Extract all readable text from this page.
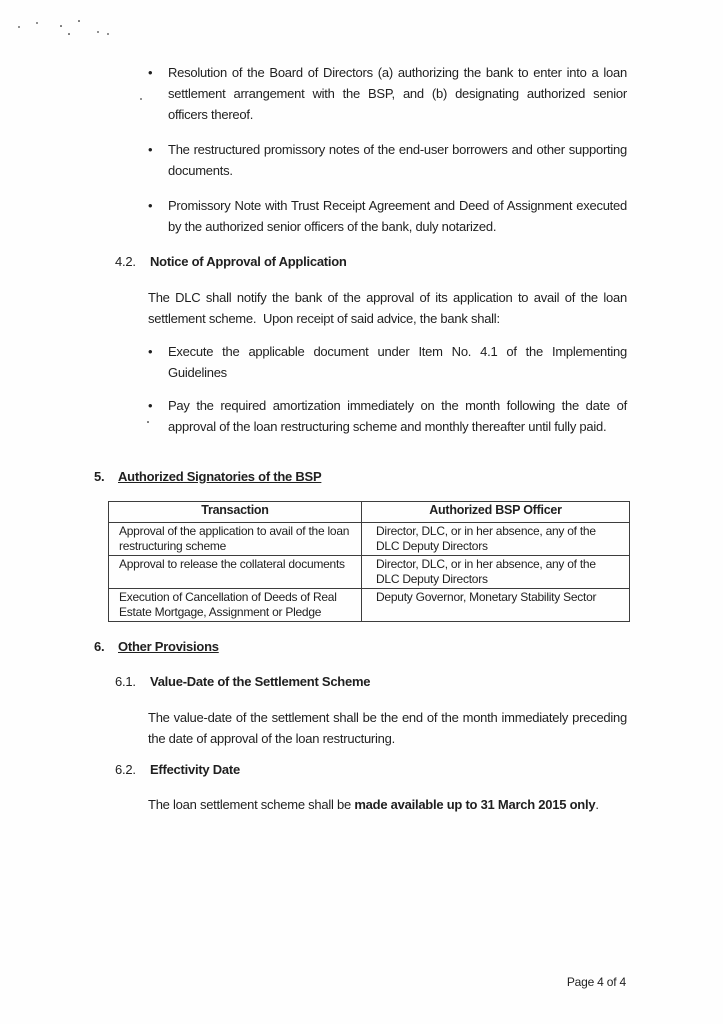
•	Resolution of the Board of Directors (a) authorizing the bank to enter into a loan settlement arrangement with the BSP, and (b) designating authorized senior officers thereof.
•	The restructured promissory notes of the end-user borrowers and other supporting documents.
•	Promissory Note with Trust Receipt Agreement and Deed of Assignment executed by the authorized senior officers of the bank, duly notarized.
4.2. Notice of Approval of Application
The DLC shall notify the bank of the approval of its application to avail of the loan settlement scheme.  Upon receipt of said advice, the bank shall:
•	Execute the applicable document under Item No. 4.1 of the Implementing Guidelines
•	Pay the required amortization immediately on the month following the date of approval of the loan restructuring scheme and monthly thereafter until fully paid.
5. Authorized Signatories of the BSP
Transaction	Authorized BSP Officer
Approval of the application to avail of the loan restructuring scheme	Director, DLC, or in her absence, any of the DLC Deputy Directors
Approval to release the collateral documents	Director, DLC, or in her absence, any of the DLC Deputy Directors
Execution of Cancellation of Deeds of Real Estate Mortgage, Assignment or Pledge	Deputy Governor, Monetary Stability Sector
6. Other Provisions
6.1. Value-Date of the Settlement Scheme
The value-date of the settlement shall be the end of the month immediately preceding the date of approval of the loan restructuring.
6.2. Effectivity Date
The loan settlement scheme shall be made available up to 31 March 2015 only.
Page 4 of 4
